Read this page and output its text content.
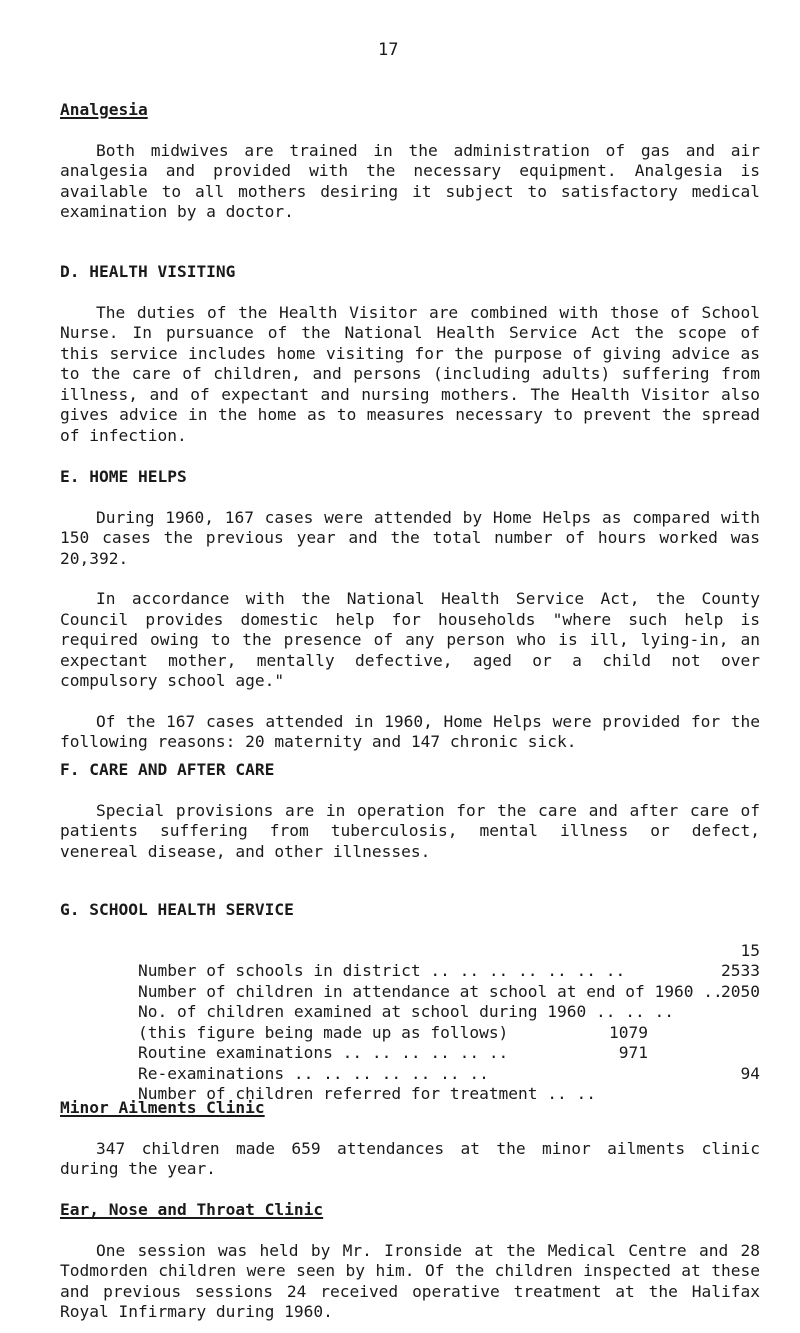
17
Analgesia

Both midwives are trained in the administration of gas and air analgesia and provided with the necessary equipment. Analgesia is available to all mothers desiring it subject to satisfactory medical examination by a doctor.

D. HEALTH VISITING

The duties of the Health Visitor are combined with those of School Nurse. In pursuance of the National Health Service Act the scope of this service includes home visiting for the purpose of giving advice as to the care of children, and persons (including adults) suffering from illness, and of expectant and nursing mothers. The Health Visitor also gives advice in the home as to measures necessary to prevent the spread of infection.

E. HOME HELPS

During 1960, 167 cases were attended by Home Helps as compared with 150 cases the previous year and the total number of hours worked was 20,392.

In accordance with the National Health Service Act, the County Council provides domestic help for households "where such help is required owing to the presence of any person who is ill, lying-in, an expectant mother, mentally defective, aged or a child not over compulsory school age."

Of the 167 cases attended in 1960, Home Helps were provided for the following reasons: 20 maternity and 147 chronic sick.

F. CARE AND AFTER CARE

Special provisions are in operation for the care and after care of patients suffering from tuberculosis, mental illness or defect, venereal disease, and other illnesses.

G. SCHOOL HEALTH SERVICE

Number of schools in district .. .. .. .. .. .. ..

15

Number of children in attendance at school at end of 1960 ..

2533

No. of children examined at school during 1960 .. .. ..

2050

(this figure being made up as follows)

Routine examinations .. .. .. .. .. ..

1079

Re-examinations .. .. .. .. .. .. ..

971

Number of children referred for treatment .. ..

94

Minor Ailments Clinic

347 children made 659 attendances at the minor ailments clinic during the year.

Ear, Nose and Throat Clinic

One session was held by Mr. Ironside at the Medical Centre and 28 Todmorden children were seen by him. Of the children inspected at these and previous sessions 24 received operative treatment at the Halifax Royal Infirmary during 1960.
